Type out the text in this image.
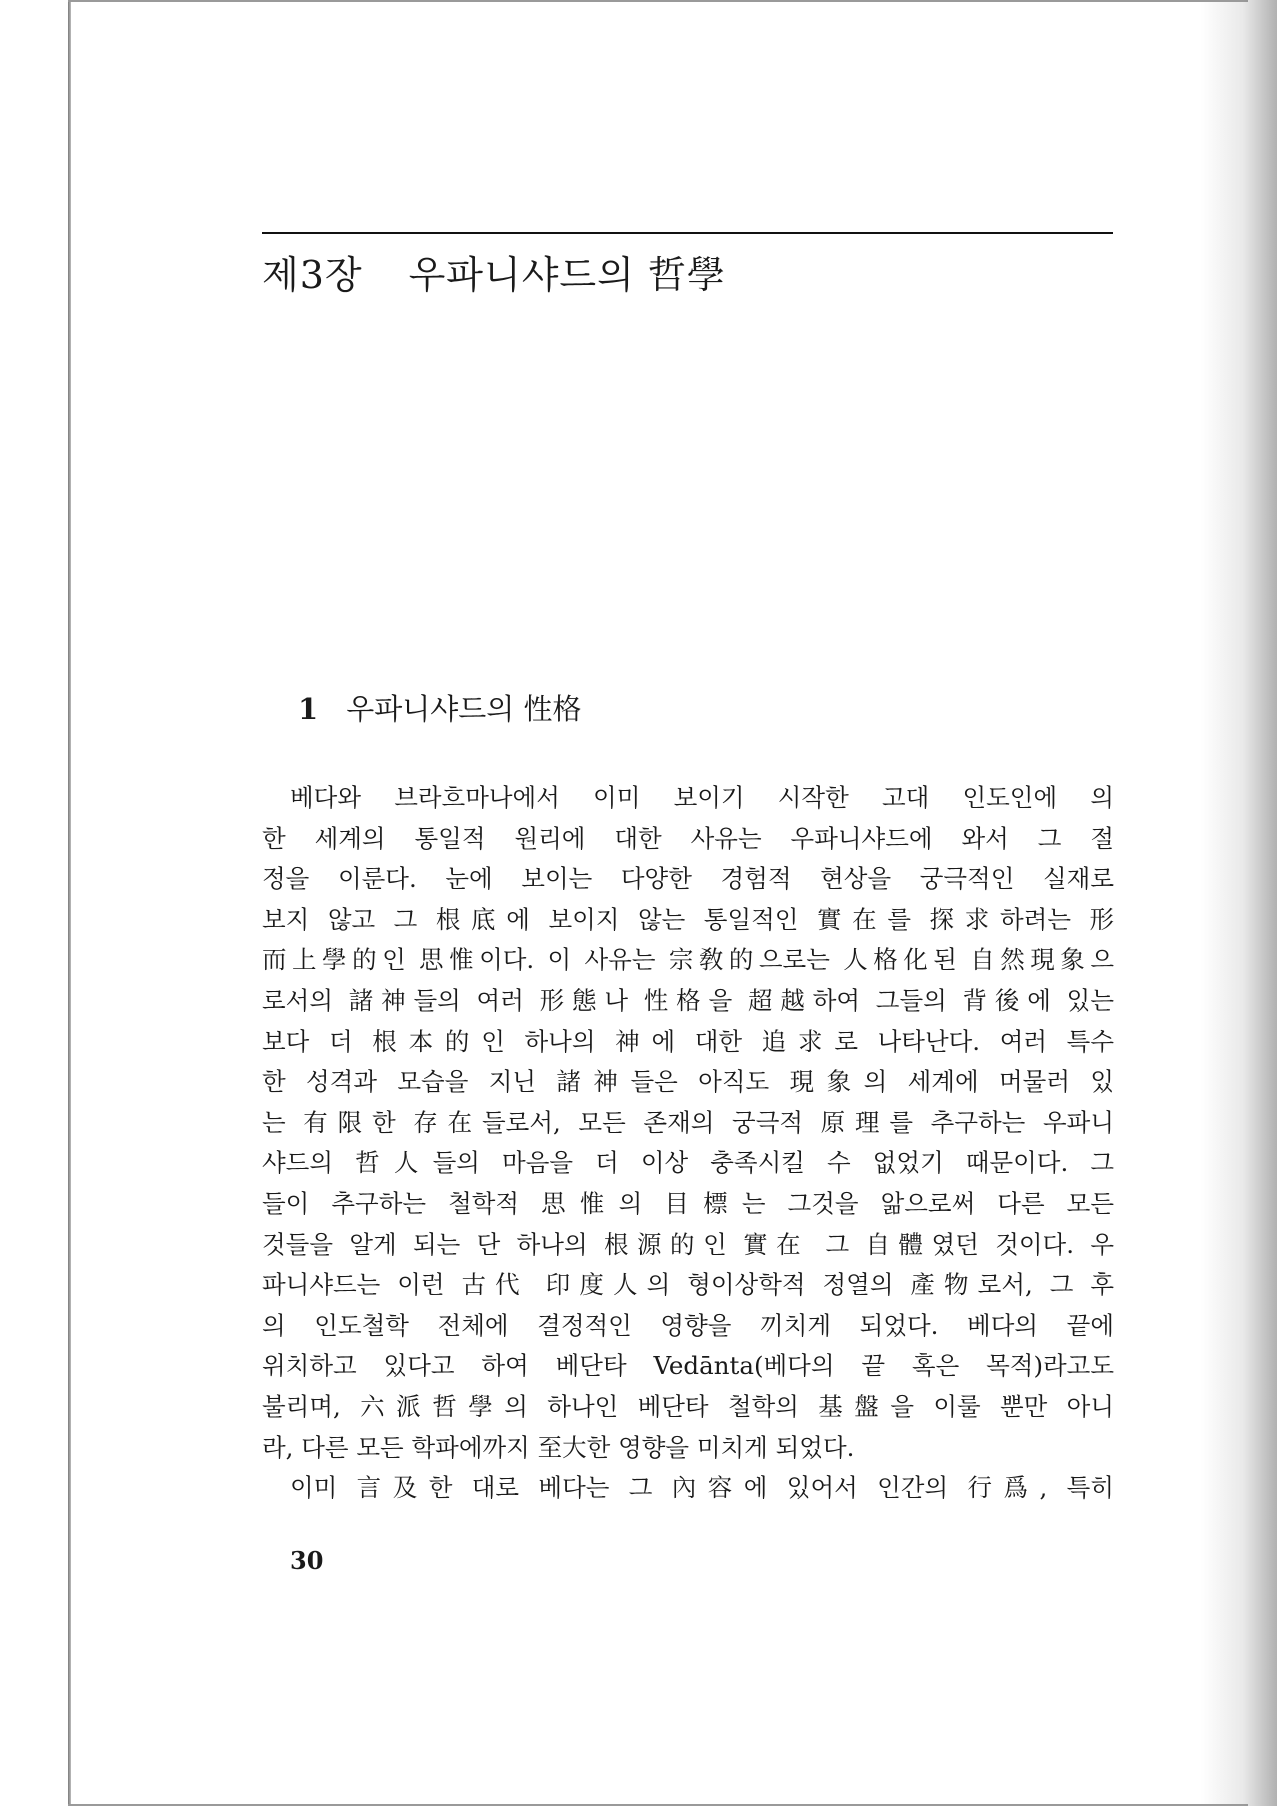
제3장 우파니샤드의 哲學
1 우파니샤드의 性格
베다와 브라흐마나에서 이미 보이기 시작한 고대 인도인에 의
한 세계의 통일적 원리에 대한 사유는 우파니샤드에 와서 그 절
정을 이룬다. 눈에 보이는 다양한 경험적 현상을 궁극적인 실재로
보지 않고 그 根底에 보이지 않는 통일적인 實在를 探求하려는 形
而上學的인 思惟이다. 이 사유는 宗敎的으로는 人格化된 自然現象으
로서의 諸神들의 여러 形態나 性格을 超越하여 그들의 背後에 있는
보다 더 根本的인 하나의 神에 대한 追求로 나타난다. 여러 특수
한 성격과 모습을 지닌 諸神들은 아직도 現象의 세계에 머물러 있
는 有限한 存在들로서, 모든 존재의 궁극적 原理를 추구하는 우파니
샤드의 哲人들의 마음을 더 이상 충족시킬 수 없었기 때문이다. 그
들이 추구하는 철학적 思惟의 目標는 그것을 앎으로써 다른 모든
것들을 알게 되는 단 하나의 根源的인 實在 그 自體였던 것이다. 우
파니샤드는 이런 古代 印度人의 형이상학적 정열의 產物로서, 그 후
의 인도철학 전체에 결정적인 영향을 끼치게 되었다. 베다의 끝에
위치하고 있다고 하여 베단타 Vedānta(베다의 끝 혹은 목적)라고도
불리며, 六派哲學의 하나인 베단타 철학의 基盤을 이룰 뿐만 아니
라, 다른 모든 학파에까지 至大한 영향을 미치게 되었다.
이미 言及한 대로 베다는 그 內容에 있어서 인간의 行爲, 특히
30
